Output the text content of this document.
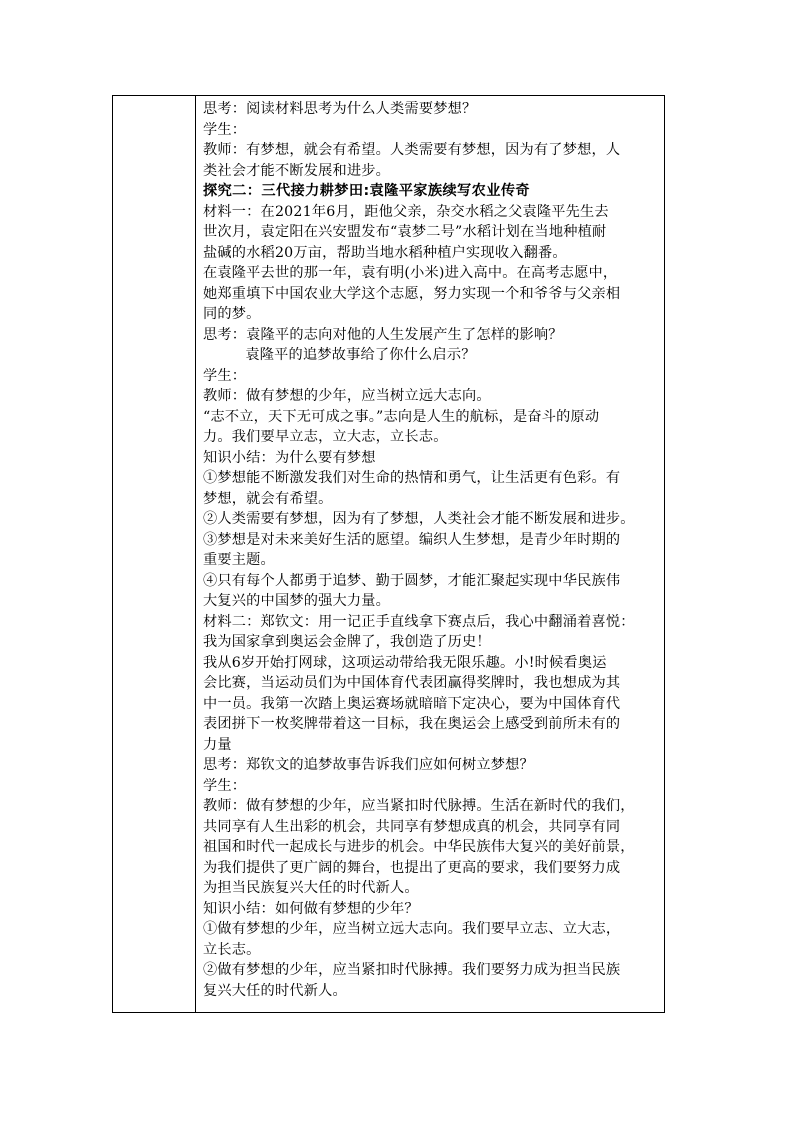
思考：阅读材料思考为什么人类需要梦想？
学生：
教师：有梦想，就会有希望。人类需要有梦想，因为有了梦想，人
类社会才能不断发展和进步。
探究二：三代接力耕梦田:袁隆平家族续写农业传奇
材料一：在2021年6月，距他父亲，杂交水稻之父袁隆平先生去
世次月，袁定阳在兴安盟发布“袁梦二号”水稻计划在当地种植耐
盐碱的水稻20万亩，帮助当地水稻种植户实现收入翻番。
在袁隆平去世的那一年，袁有明(小米)进入高中。在高考志愿中，
她郑重填下中国农业大学这个志愿，努力实现一个和爷爷与父亲相
同的梦。
思考：袁隆平的志向对他的人生发展产生了怎样的影响？
袁隆平的追梦故事给了你什么启示？
学生：
教师：做有梦想的少年，应当树立远大志向。
“志不立，天下无可成之事。”志向是人生的航标，是奋斗的原动
力。我们要早立志，立大志，立长志。
知识小结：为什么要有梦想
①梦想能不断激发我们对生命的热情和勇气，让生活更有色彩。有
梦想，就会有希望。
②人类需要有梦想，因为有了梦想，人类社会才能不断发展和进步。
③梦想是对未来美好生活的愿望。编织人生梦想，是青少年时期的
重要主题。
④只有每个人都勇于追梦、勤于圆梦，才能汇聚起实现中华民族伟
大复兴的中国梦的强大力量。
材料二：郑钦文：用一记正手直线拿下赛点后，我心中翻涌着喜悦：
我为国家拿到奥运会金牌了，我创造了历史！
我从6岁开始打网球，这项运动带给我无限乐趣。小!时候看奥运
会比赛，当运动员们为中国体育代表团赢得奖牌时，我也想成为其
中一员。我第一次踏上奥运赛场就暗暗下定决心，要为中国体育代
表团拼下一枚奖牌带着这一目标，我在奥运会上感受到前所未有的
力量
思考：郑钦文的追梦故事告诉我们应如何树立梦想？
学生：
教师：做有梦想的少年，应当紧扣时代脉搏。生活在新时代的我们，
共同享有人生出彩的机会，共同享有梦想成真的机会，共同享有同
祖国和时代一起成长与进步的机会。中华民族伟大复兴的美好前景，
为我们提供了更广阔的舞台，也提出了更高的要求，我们要努力成
为担当民族复兴大任的时代新人。
知识小结：如何做有梦想的少年？
①做有梦想的少年，应当树立远大志向。我们要早立志、立大志，
立长志。
②做有梦想的少年，应当紧扣时代脉搏。我们要努力成为担当民族
复兴大任的时代新人。
